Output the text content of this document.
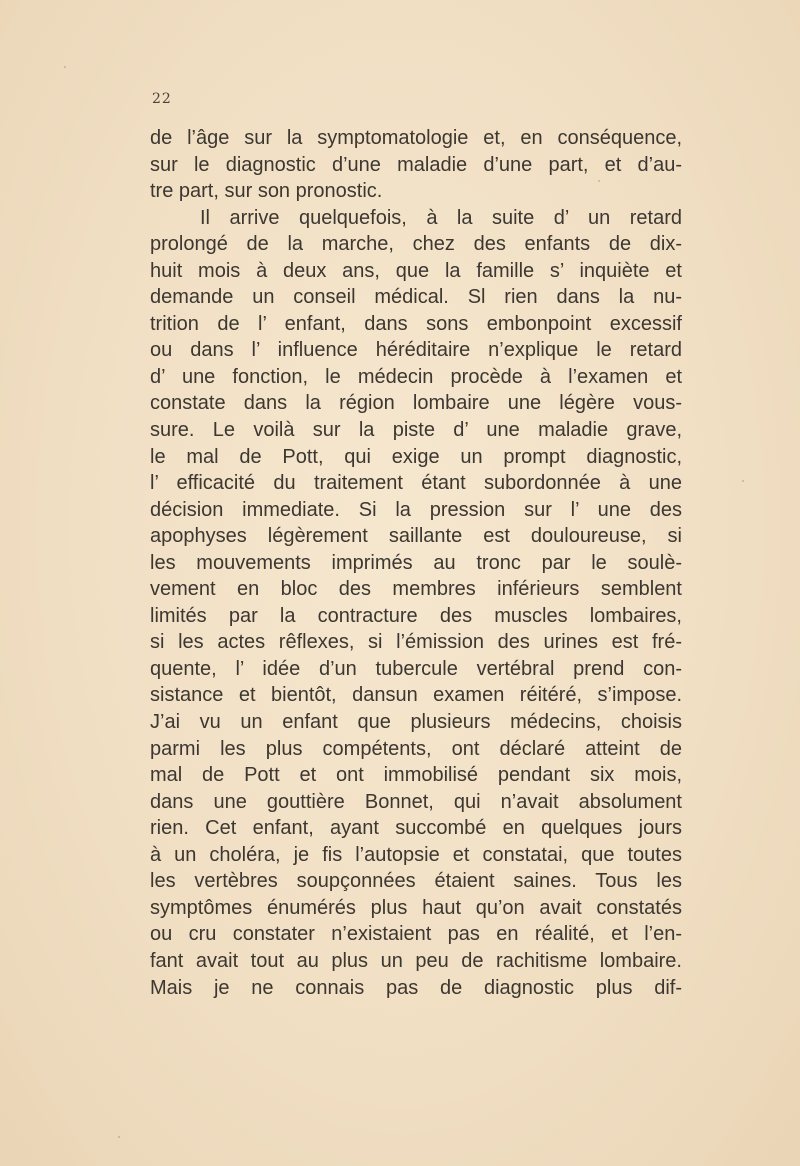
22
de l’âge sur la symptomatologie et, en conséquence,
sur le diagnostic d’une maladie d’une part, et d’au-
tre part, sur son pronostic.
Il arrive quelquefois, à la suite d’ un retard
prolongé de la marche, chez des enfants de dix-
huit mois à deux ans, que la famille s’ inquiète et
demande un conseil médical. Sl rien dans la nu-
trition de l’ enfant, dans sons embonpoint excessif
ou dans l’ influence héréditaire n’explique le retard
d’ une fonction, le médecin procède à l’examen et
constate dans la région lombaire une légère vous-
sure. Le voilà sur la piste d’ une maladie grave,
le mal de Pott, qui exige un prompt diagnostic,
l’ efficacité du traitement étant subordonnée à une
décision immediate. Si la pression sur l’ une des
apophyses légèrement saillante est douloureuse, si
les mouvements imprimés au tronc par le soulè-
vement en bloc des membres inférieurs semblent
limités par la contracture des muscles lombaires,
si les actes rêflexes, si l’émission des urines est fré-
quente, l’ idée d’un tubercule vertébral prend con-
sistance et bientôt, dansun examen réitéré, s’impose.
J’ai vu un enfant que plusieurs médecins, choisis
parmi les plus compétents, ont déclaré atteint de
mal de Pott et ont immobilisé pendant six mois,
dans une gouttière Bonnet, qui n’avait absolument
rien. Cet enfant, ayant succombé en quelques jours
à un choléra, je fis l’autopsie et constatai, que toutes
les vertèbres soupçonnées étaient saines. Tous les
symptômes énumérés plus haut qu’on avait constatés
ou cru constater n’existaient pas en réalité, et l’en-
fant avait tout au plus un peu de rachitisme lombaire.
Mais je ne connais pas de diagnostic plus dif-
